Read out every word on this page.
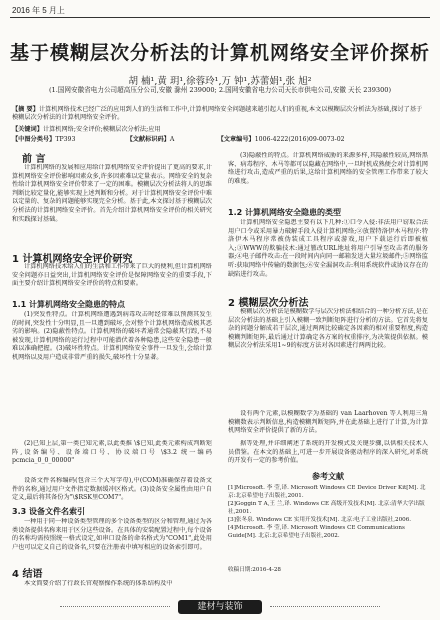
2016 年 5 月上
基于模糊层次分析法的计算机网络安全评价探析
胡 楠¹,黄 玥¹,徐蓉玲¹,万 钟¹,苏蕾娟¹,张 旭²
(1.国网安徽省电力公司超高压分公司,安徽 滁州 239000; 2.国网安徽省电力公司天长市供电公司,安徽 天长 239300)
【摘 要】计算机网络技术已经广泛的应用到人们的生活和工作中,计算机网络安全问题越来越引起人们的重视,本文以模糊层次分析法为基础,探讨了基于模糊层次分析法的计算机网络安全评价。
【关键词】计算机网络;安全评价;模糊层次分析法;应用
【中图分类号】TP393	【文献标识码】A	【文章编号】1006-4222(2016)09-0073-02
前 言

计算机网络的发展和应用给计算机网络安全评价提出了更高的要求,计算机网络安全评价影响因素众多,许多因素难以定量表示。网络安全的复杂性给计算机网络安全评价带来了一定的困难。模糊层次分析法将人的思维判断比较定量化,能够实现上述判断和分析。对于计算机网络安全评价中难以定量的、复杂的问题能够实现完全分析。基于此,本文探讨基于模糊层次分析法的计算机网络安全评价。首先介绍计算机网络安全评价的相关研究和实践探讨基础。

1 计算机网络安全评价研究

计算机网络技术给人们的生活和工作带来了巨大的便利,但计算机网络安全问题亦日益突出,计算机网络安全评价是保障网络安全的重要手段,下面主要介绍计算机网络安全评价的特点和要素。

1.1 计算机网络安全隐患的特点

(1)突发性特点。计算机网络遭遇到病毒攻击时经常难以预测其发生的时间,突发性十分明显,且一旦遭到破坏,会对整个计算机网络造成极其恶劣的影响。(2)隐蔽性特点。计算机网络的破坏者通常会隐蔽其行踪,不易被发现,计算机网络的运行过程中可能潜伏着各种隐患,这些安全隐患一般难以准确把握。(3)破坏性特点。计算机网络安全事件一旦发生,会给计算机网络以及用户造成非常严重的损失,破坏性十分显著。

(2)已知上层,第一类已知元素,以此类推 \$已知,此类元素构成判断矩阵,设备编号、设备端口号、协议端口号 \$3.2 统一编码 pcmcia_0_0_00000"

设备文件名称编码(包含三个大写字母),中(COM)准确保存着设备文件的名称,通过用户文件指定数据缓冲区格式。(3)设备安全属性由用户自定义,最后将其备份为"\$RSK里COM7"。

3.3 设备文件名索引

一种用于同一种设备类型管理的多个设备类型的区分和管理,通过为各类设备提供名称来用于区分这些设备。在具体的安装配置过程中,每个设备的名称均需按照统一格式设定,如串口设备的命名格式为"COM1",此处用户也可以定义自己的设备名,只要在注册表中填写相应的设备索引即可。

4 结语

本文简要介绍了行政长官观察操作系统的体系结构及中

(3)隐蔽性的特点。计算机网络威胁的来源多样,其隐蔽性较高,网络黑客、病毒程序、木马等都可以隐藏在网络中,一旦时机成熟便会对计算机网络进行攻击,造成严重的后果,这给计算机网络的安全管理工作带来了较大的难度。

1.2 计算机网络安全隐患的类型

计算机网络安全隐患主要有以下几种:①口令入侵:非法用户窃取合法用户口令或采用暴力破解手段入侵计算机网络;②放置特洛伊木马程序:特洛伊木马程序常被伪装成工具程序或游戏,用户下载运行后即被植入;③WWW的欺骗技术:通过篡改URL地址将用户引导至攻击者的服务器;④电子邮件攻击:在一段时间内向同一邮箱发送大量垃圾邮件;⑤网络监听:获取网络中传输的数据包;⑥安全漏洞攻击:利用系统软件或协议存在的缺陷进行攻击。

2 模糊层次分析法

模糊层次分析法是模糊数学与层次分析法相结合的一种分析方法,是在层次分析法的基础上引入模糊一致判断矩阵进行分析的方法。它首先将复杂的问题分解成若干层次,通过两两比较确定各因素的相对重要程度,构造模糊判断矩阵,最后通过计算确定各方案的权重排序,为决策提供依据。模糊层次分析法采用1~9的标度方法对各因素进行两两比较。

设有两个元素,以模糊数学为基础的 van Laarhoven 等人利用三角模糊数表示判断信息,构造模糊判断矩阵,并在此基础上进行了计算,为计算机网络安全评价提供了新的方法。

据等处理,并详细阐述了系统的开发模式及关键步骤,以供相关技术人员借鉴。在本文的基础上,可进一步开展设备驱动程序的深入研究,对系统的开发有一定的参考价值。

参考文献
[1]Microsoft. 李 莹,译. Microsoft Windows CE Device Driver Kit[M]. 北京:北京希望电子出版社,2001.
[2]Goggin T A,王 兰,译. Windows CE 高级开发技术[M]. 北京:清华大学出版社,2001.
[3]张冬泉. Windows CE 实用开发技术[M]. 北京:电子工业出版社,2006.
[4]Microsoft. 李 莹,译. Microsoft Windows CE Communications Guide[M]. 北京:北京希望电子出版社,2002.
收稿日期:2016-4-28
建材与装饰
